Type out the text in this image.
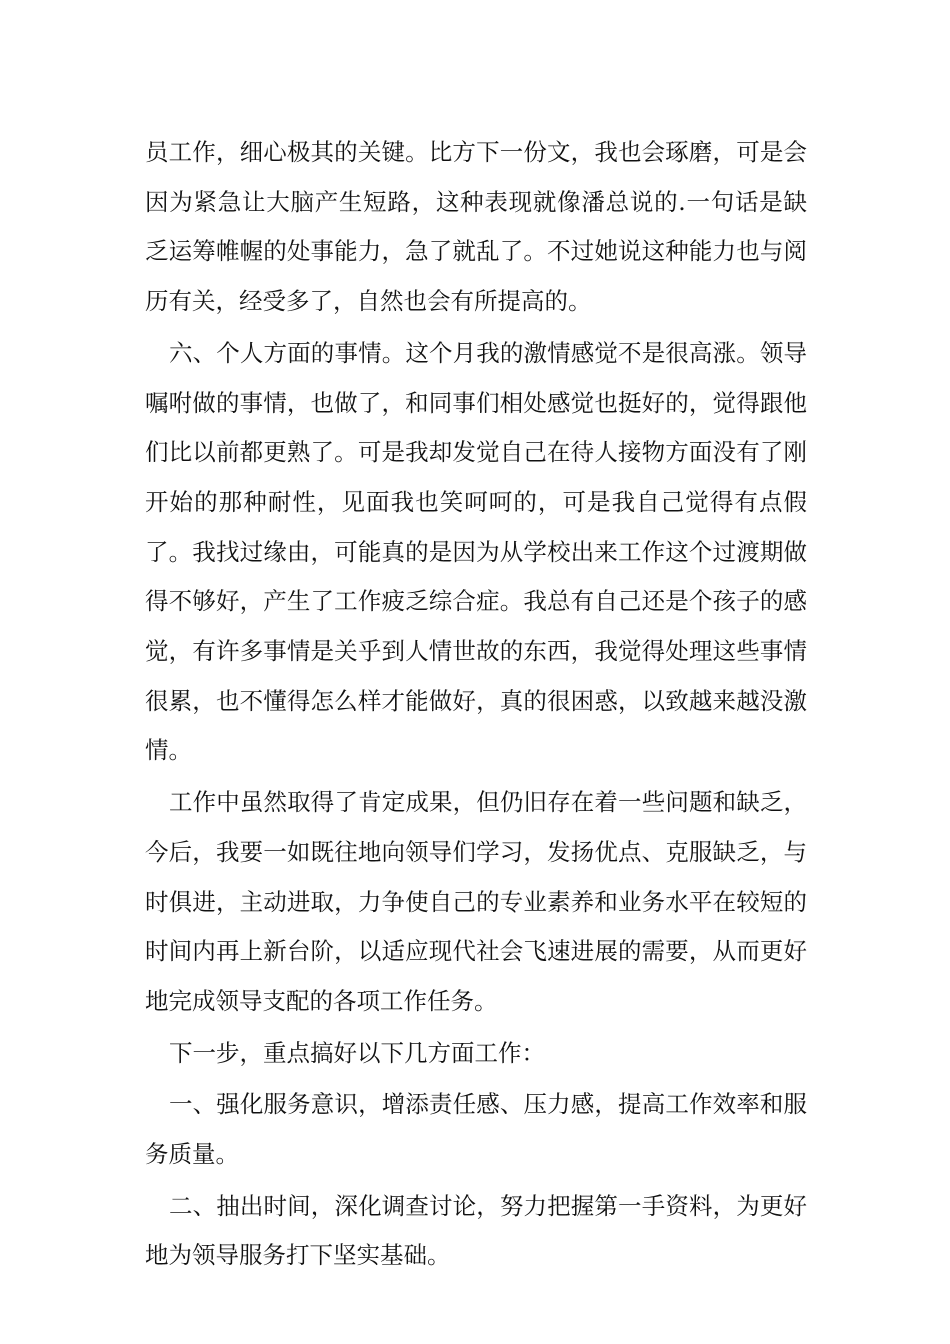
员工作，细心极其的关键。比方下一份文，我也会琢磨，可是会因为紧急让大脑产生短路，这种表现就像潘总说的.一句话是缺乏运筹帷幄的处事能力，急了就乱了。不过她说这种能力也与阅历有关，经受多了，自然也会有所提高的。

六、个人方面的事情。这个月我的激情感觉不是很高涨。领导嘱咐做的事情，也做了，和同事们相处感觉也挺好的，觉得跟他们比以前都更熟了。可是我却发觉自己在待人接物方面没有了刚开始的那种耐性，见面我也笑呵呵的，可是我自己觉得有点假了。我找过缘由，可能真的是因为从学校出来工作这个过渡期做得不够好，产生了工作疲乏综合症。我总有自己还是个孩子的感觉，有许多事情是关乎到人情世故的东西，我觉得处理这些事情很累，也不懂得怎么样才能做好，真的很困惑，以致越来越没激情。

工作中虽然取得了肯定成果，但仍旧存在着一些问题和缺乏，今后，我要一如既往地向领导们学习，发扬优点、克服缺乏，与时俱进，主动进取，力争使自己的专业素养和业务水平在较短的时间内再上新台阶，以适应现代社会飞速进展的需要，从而更好地完成领导支配的各项工作任务。

下一步，重点搞好以下几方面工作：

一、强化服务意识，增添责任感、压力感，提高工作效率和服务质量。

二、抽出时间，深化调查讨论，努力把握第一手资料，为更好地为领导服务打下坚实基础。
